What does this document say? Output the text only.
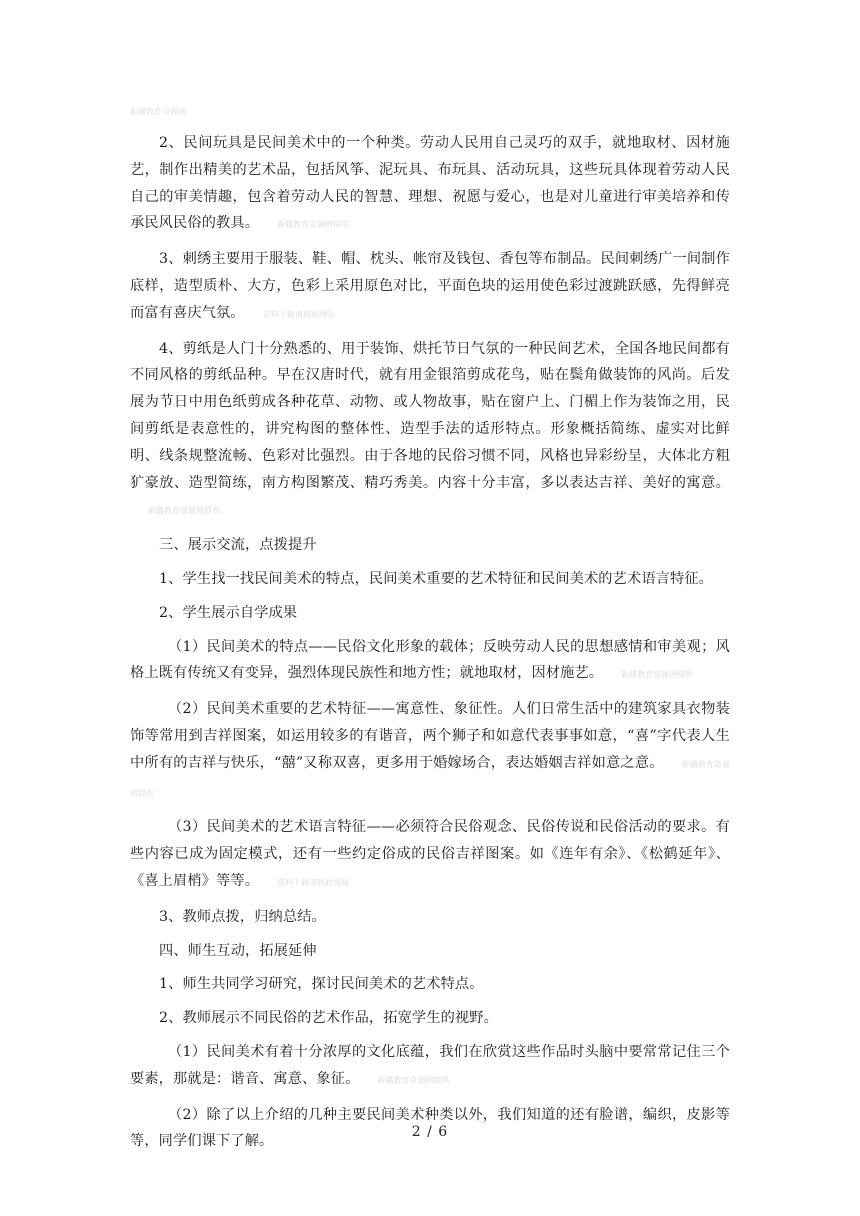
新疆教育资源网

2、民间玩具是民间美术中的一个种类。劳动人民用自己灵巧的双手，就地取材、因材施艺，制作出精美的艺术品，包括风筝、泥玩具、布玩具、活动玩具，这些玩具体现着劳动人民自己的审美情趣，包含着劳动人民的智慧、理想、祝愿与爱心，也是对儿童进行审美培养和传承民风民俗的教具。 新疆教育资源网提供

3、刺绣主要用于服装、鞋、帽、枕头、帐帘及钱包、香包等布制品。民间刺绣广一间制作底样，造型质朴、大方，色彩上采用原色对比，平面色块的运用使色彩过渡跳跃感，先得鲜亮而富有喜庆气氛。 资料下载请到此网站

4、剪纸是人门十分熟悉的、用于装饰、烘托节日气氛的一种民间艺术，全国各地民间都有不同风格的剪纸品种。早在汉唐时代，就有用金银箔剪成花鸟，贴在鬓角做装饰的风尚。后发展为节日中用色纸剪成各种花草、动物、或人物故事，贴在窗户上、门楣上作为装饰之用，民间剪纸是表意性的，讲究构图的整体性、造型手法的适形特点。形象概括简练、虚实对比鲜明、线条规整流畅、色彩对比强烈。由于各地的民俗习惯不同，风格也异彩纷呈，大体北方粗犷豪放、造型简练，南方构图繁茂、精巧秀美。内容十分丰富，多以表达吉祥、美好的寓意。新疆教育资源网提供

三、展示交流，点拨提升

1、学生找一找民间美术的特点，民间美术重要的艺术特征和民间美术的艺术语言特征。

2、学生展示自学成果

（1）民间美术的特点——民俗文化形象的载体；反映劳动人民的思想感情和审美观；风格上既有传统又有变异，强烈体现民族性和地方性；就地取材，因材施艺。 新疆教育资源网提供

（2）民间美术重要的艺术特征——寓意性、象征性。人们日常生活中的建筑家具衣物装饰等常用到吉祥图案，如运用较多的有谐音，两个狮子和如意代表事事如意，“喜”字代表人生中所有的吉祥与快乐，“囍”又称双喜，更多用于婚嫁场合，表达婚姻吉祥如意之意。 新疆教育资源网提供

（3）民间美术的艺术语言特征——必须符合民俗观念、民俗传说和民俗活动的要求。有些内容已成为固定模式，还有一些约定俗成的民俗吉祥图案。如《连年有余》、《松鹤延年》、《喜上眉梢》等等。 资料下载请到此网站

3、教师点拨，归纳总结。

四、师生互动，拓展延伸

1、师生共同学习研究，探讨民间美术的艺术特点。

2、教师展示不同民俗的艺术作品，拓宽学生的视野。

（1）民间美术有着十分浓厚的文化底蕴，我们在欣赏这些作品时头脑中要常常记住三个要素，那就是：谐音、寓意、象征。 新疆教育资源网提供

（2）除了以上介绍的几种主要民间美术种类以外，我们知道的还有脸谱，编织，皮影等等，同学们课下了解。

2 / 6
